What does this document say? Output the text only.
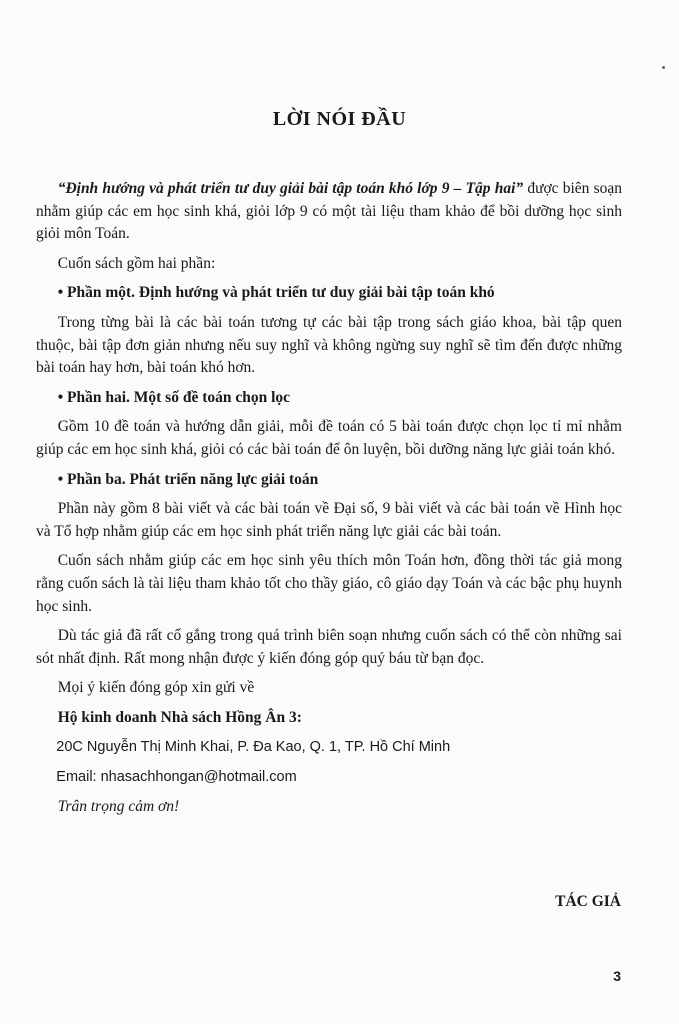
LỜI NÓI ĐẦU

“Định hướng và phát triển tư duy giải bài tập toán khó lớp 9 – Tập hai” được biên soạn nhằm giúp các em học sinh khá, giỏi lớp 9 có một tài liệu tham khảo để bồi dưỡng học sinh giỏi môn Toán.

Cuốn sách gồm hai phần:

• Phần một. Định hướng và phát triển tư duy giải bài tập toán khó

Trong từng bài là các bài toán tương tự các bài tập trong sách giáo khoa, bài tập quen thuộc, bài tập đơn giản nhưng nếu suy nghĩ và không ngừng suy nghĩ sẽ tìm đến được những bài toán hay hơn, bài toán khó hơn.

• Phần hai. Một số đề toán chọn lọc

Gồm 10 đề toán và hướng dẫn giải, mỗi đề toán có 5 bài toán được chọn lọc tỉ mỉ nhằm giúp các em học sinh khá, giỏi có các bài toán để ôn luyện, bồi dưỡng năng lực giải toán khó.

• Phần ba. Phát triển năng lực giải toán

Phần này gồm 8 bài viết và các bài toán về Đại số, 9 bài viết và các bài toán về Hình học và Tổ hợp nhằm giúp các em học sinh phát triển năng lực giải các bài toán.

Cuốn sách nhằm giúp các em học sinh yêu thích môn Toán hơn, đồng thời tác giả mong rằng cuốn sách là tài liệu tham khảo tốt cho thầy giáo, cô giáo dạy Toán và các bậc phụ huynh học sinh.

Dù tác giả đã rất cố gắng trong quá trình biên soạn nhưng cuốn sách có thể còn những sai sót nhất định. Rất mong nhận được ý kiến đóng góp quý báu từ bạn đọc.

Mọi ý kiến đóng góp xin gửi về

Hộ kinh doanh Nhà sách Hồng Ân 3:

20C Nguyễn Thị Minh Khai, P. Đa Kao, Q. 1, TP. Hồ Chí Minh

Email: nhasachhongan@hotmail.com

Trân trọng cảm ơn!

TÁC GIẢ
3
